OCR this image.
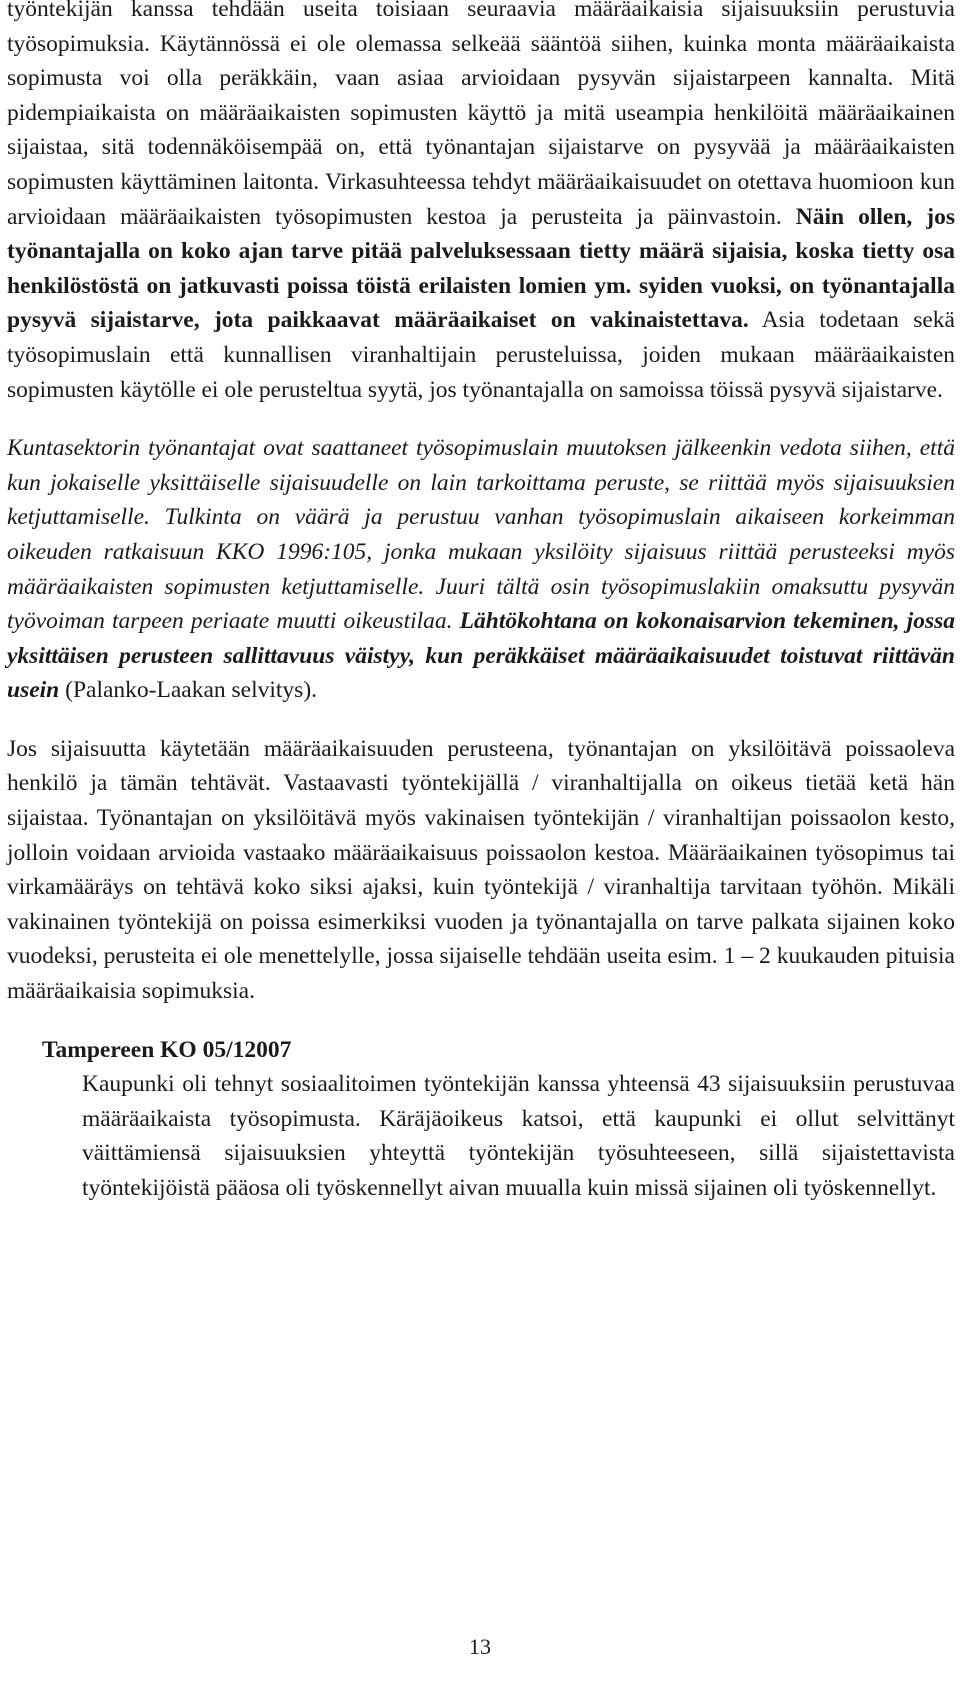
työntekijän kanssa tehdään useita toisiaan seuraavia määräaikaisia sijaisuuksiin perustuvia työsopimuksia. Käytännössä ei ole olemassa selkeää sääntöä siihen, kuinka monta määräaikaista sopimusta voi olla peräkkäin, vaan asiaa arvioidaan pysyvän sijaistarpeen kannalta. Mitä pidempiaikaista on määräaikaisten sopimusten käyttö ja mitä useampia henkilöitä määräaikainen sijaistaa, sitä todennäköisempää on, että työnantajan sijaistarve on pysyvää ja määräaikaisten sopimusten käyttäminen laitonta. Virkasuhteessa tehdyt määräaikaisuudet on otettava huomioon kun arvioidaan määräaikaisten työsopimusten kestoa ja perusteita ja päinvastoin. Näin ollen, jos työnantajalla on koko ajan tarve pitää palveluksessaan tietty määrä sijaisia, koska tietty osa henkilöstöstä on jatkuvasti poissa töistä erilaisten lomien ym. syiden vuoksi, on työnantajalla pysyvä sijaistarve, jota paikkaavat määräaikaiset on vakinaistettava. Asia todetaan sekä työsopimuslain että kunnallisen viranhaltijain perusteluissa, joiden mukaan määräaikaisten sopimusten käytölle ei ole perusteltua syytä, jos työnantajalla on samoissa töissä pysyvä sijaistarve.

Kuntasektorin työnantajat ovat saattaneet työsopimuslain muutoksen jälkeenkin vedota siihen, että kun jokaiselle yksittäiselle sijaisuudelle on lain tarkoittama peruste, se riittää myös sijaisuuksien ketjuttamiselle. Tulkinta on väärä ja perustuu vanhan työsopimuslain aikaiseen korkeimman oikeuden ratkaisuun KKO 1996:105, jonka mukaan yksilöity sijaisuus riittää perusteeksi myös määräaikaisten sopimusten ketjuttamiselle. Juuri tältä osin työsopimuslakiin omaksuttu pysyvän työvoiman tarpeen periaate muutti oikeustilaa. Lähtökohtana on kokonaisarvion tekeminen, jossa yksittäisen perusteen sallittavuus väistyy, kun peräkkäiset määräaikaisuudet toistuvat riittävän usein (Palanko-Laakan selvitys).

Jos sijaisuutta käytetään määräaikaisuuden perusteena, työnantajan on yksilöitävä poissaoleva henkilö ja tämän tehtävät. Vastaavasti työntekijällä / viranhaltijalla on oikeus tietää ketä hän sijaistaa. Työnantajan on yksilöitävä myös vakinaisen työntekijän / viranhaltijan poissaolon kesto, jolloin voidaan arvioida vastaako määräaikaisuus poissaolon kestoa. Määräaikainen työsopimus tai virkamääräys on tehtävä koko siksi ajaksi, kuin työntekijä / viranhaltija tarvitaan työhön. Mikäli vakinainen työntekijä on poissa esimerkiksi vuoden ja työnantajalla on tarve palkata sijainen koko vuodeksi, perusteita ei ole menettelylle, jossa sijaiselle tehdään useita esim. 1 – 2 kuukauden pituisia määräaikaisia sopimuksia.

Tampereen KO 05/12007
Kaupunki oli tehnyt sosiaalitoimen työntekijän kanssa yhteensä 43 sijaisuuksiin perustuvaa määräaikaista työsopimusta. Käräjäoikeus katsoi, että kaupunki ei ollut selvittänyt väittämiensä sijaisuuksien yhteyttä työntekijän työsuhteeseen, sillä sijaistettavista työntekijöistä pääosa oli työskennellyt aivan muualla kuin missä sijainen oli työskennellyt.
13
